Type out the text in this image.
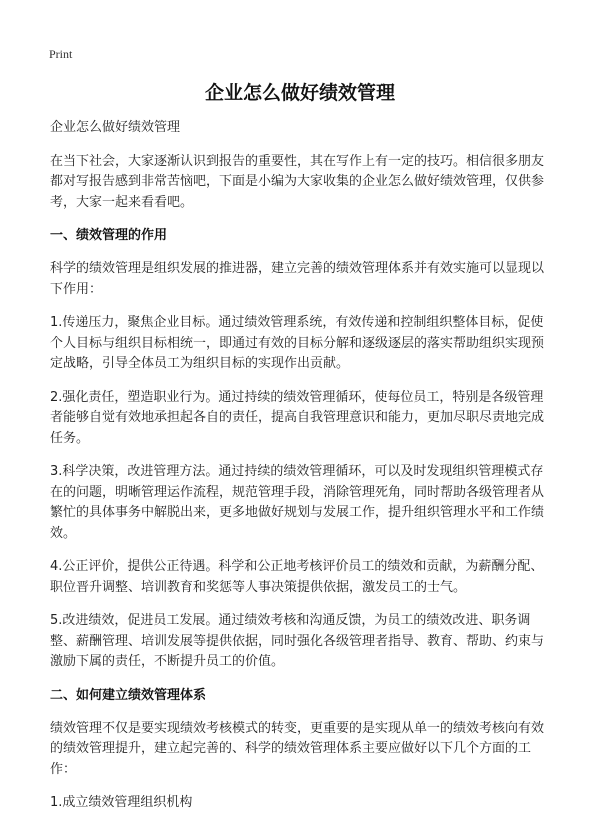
Print
企业怎么做好绩效管理

企业怎么做好绩效管理

在当下社会，大家逐渐认识到报告的重要性，其在写作上有一定的技巧。相信很多朋友都对写报告感到非常苦恼吧，下面是小编为大家收集的企业怎么做好绩效管理，仅供参考，大家一起来看看吧。

一、绩效管理的作用

科学的绩效管理是组织发展的推进器，建立完善的绩效管理体系并有效实施可以显现以下作用：

1.传递压力，聚焦企业目标。通过绩效管理系统，有效传递和控制组织整体目标，促使个人目标与组织目标相统一，即通过有效的目标分解和逐级逐层的落实帮助组织实现预定战略，引导全体员工为组织目标的实现作出贡献。

2.强化责任，塑造职业行为。通过持续的绩效管理循环，使每位员工，特别是各级管理者能够自觉有效地承担起各自的责任，提高自我管理意识和能力，更加尽职尽责地完成任务。

3.科学决策，改进管理方法。通过持续的绩效管理循环，可以及时发现组织管理模式存在的问题，明晰管理运作流程，规范管理手段，消除管理死角，同时帮助各级管理者从繁忙的具体事务中解脱出来，更多地做好规划与发展工作，提升组织管理水平和工作绩效。

4.公正评价，提供公正待遇。科学和公正地考核评价员工的绩效和贡献，为薪酬分配、职位晋升调整、培训教育和奖惩等人事决策提供依据，激发员工的士气。

5.改进绩效，促进员工发展。通过绩效考核和沟通反馈，为员工的绩效改进、职务调整、薪酬管理、培训发展等提供依据，同时强化各级管理者指导、教育、帮助、约束与激励下属的责任，不断提升员工的价值。

二、如何建立绩效管理体系

绩效管理不仅是要实现绩效考核模式的转变，更重要的是实现从单一的绩效考核向有效的绩效管理提升，建立起完善的、科学的绩效管理体系主要应做好以下几个方面的工作：

1.成立绩效管理组织机构
